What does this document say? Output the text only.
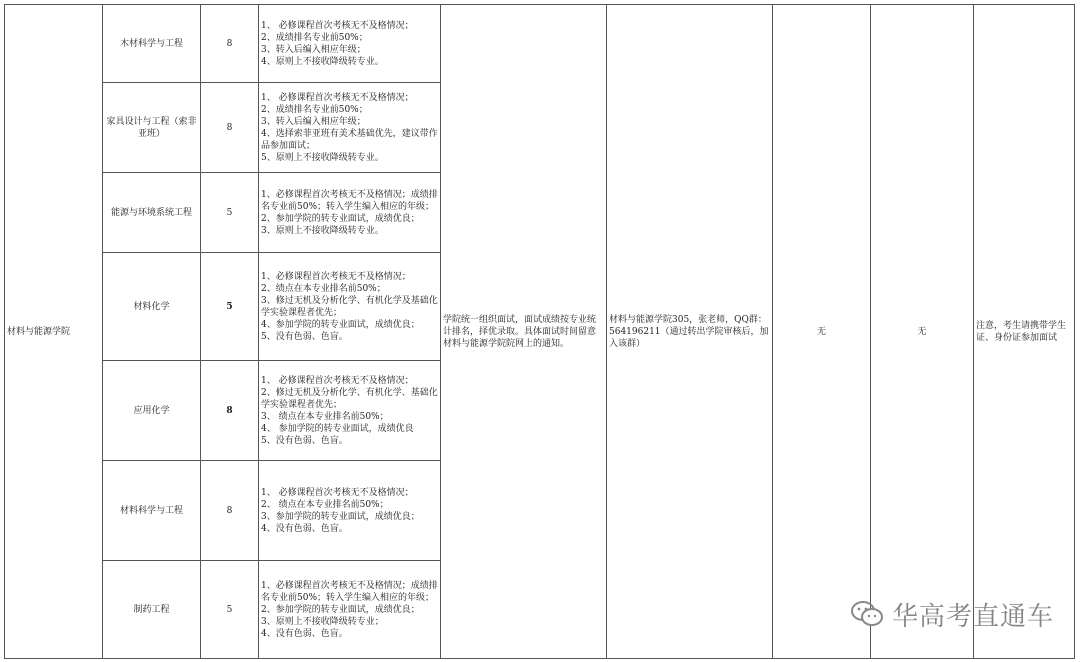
材料与能源学院	木材科学与工程	8	1、 必修课程首次考核无不及格情况；
2、成绩排名专业前50%；
3、转入后编入相应年级；
4、原则上不接收降级转专业。	学院统一组织面试，面试成绩按专业统计排名，择优录取。具体面试时间留意材料与能源学院院网上的通知。	材料与能源学院305，张老师，QQ群：564196211（通过转出学院审核后，加入该群）	无	无	注意，考生请携带学生证、身份证参加面试
	家具设计与工程（索非亚班）	8	1、 必修课程首次考核无不及格情况；
2、成绩排名专业前50%；
3、转入后编入相应年级；
4、选择索菲亚班有美术基础优先，建议带作品参加面试；
5、原则上不接收降级转专业。					

	能源与环境系统工程	5	1、必修课程首次考核无不及格情况；成绩排名专业前50%；转入学生编入相应的年级；
2、参加学院的转专业面试，成绩优良；
3、原则上不接收降级转专业。					

	材料化学	5	1、必修课程首次考核无不及格情况；
2、绩点在本专业排名前50%；
3、修过无机及分析化学、有机化学及基础化学实验课程者优先；
4、参加学院的转专业面试，成绩优良；
5、没有色弱、色盲。					

	应用化学	8	1、 必修课程首次考核无不及格情况；
2、修过无机及分析化学、有机化学、基础化学实验课程者优先；
3、 绩点在本专业排名前50%；
4、 参加学院的转专业面试，成绩优良
5、没有色弱、色盲。					

	材料科学与工程	8	1、 必修课程首次考核无不及格情况；
2、 绩点在本专业排名前50%；
3、参加学院的转专业面试，成绩优良；
4、没有色弱、色盲。					

	制药工程	5	1、必修课程首次考核无不及格情况；成绩排名专业前50%；转入学生编入相应的年级；
2、参加学院的转专业面试，成绩优良；
3、原则上不接收降级转专业；
4、没有色弱、色盲。					
华高考直通车
